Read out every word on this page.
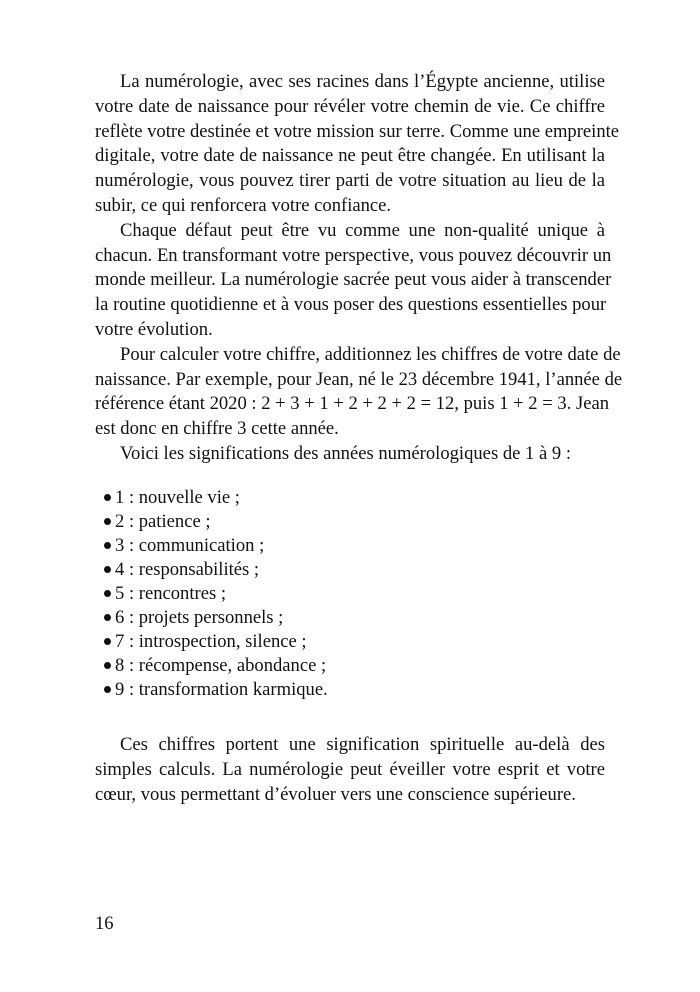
La numérologie, avec ses racines dans l’Égypte ancienne, utilise
votre date de naissance pour révéler votre chemin de vie. Ce chiffre
reflète votre destinée et votre mission sur terre. Comme une empreinte
digitale, votre date de naissance ne peut être changée. En utilisant la
numérologie, vous pouvez tirer parti de votre situation au lieu de la
subir, ce qui renforcera votre confiance.
Chaque défaut peut être vu comme une non-qualité unique à
chacun. En transformant votre perspective, vous pouvez découvrir un
monde meilleur. La numérologie sacrée peut vous aider à transcender
la routine quotidienne et à vous poser des questions essentielles pour
votre évolution.
Pour calculer votre chiffre, additionnez les chiffres de votre date de
naissance. Par exemple, pour Jean, né le 23 décembre 1941, l’année de
référence étant 2020 : 2 + 3 + 1 + 2 + 2 + 2 = 12, puis 1 + 2 = 3. Jean
est donc en chiffre 3 cette année.
Voici les significations des années numérologiques de 1 à 9 :
1 : nouvelle vie ;
2 : patience ;
3 : communication ;
4 : responsabilités ;
5 : rencontres ;
6 : projets personnels ;
7 : introspection, silence ;
8 : récompense, abondance ;
9 : transformation karmique.
Ces chiffres portent une signification spirituelle au-delà des
simples calculs. La numérologie peut éveiller votre esprit et votre
cœur, vous permettant d’évoluer vers une conscience supérieure.
16
